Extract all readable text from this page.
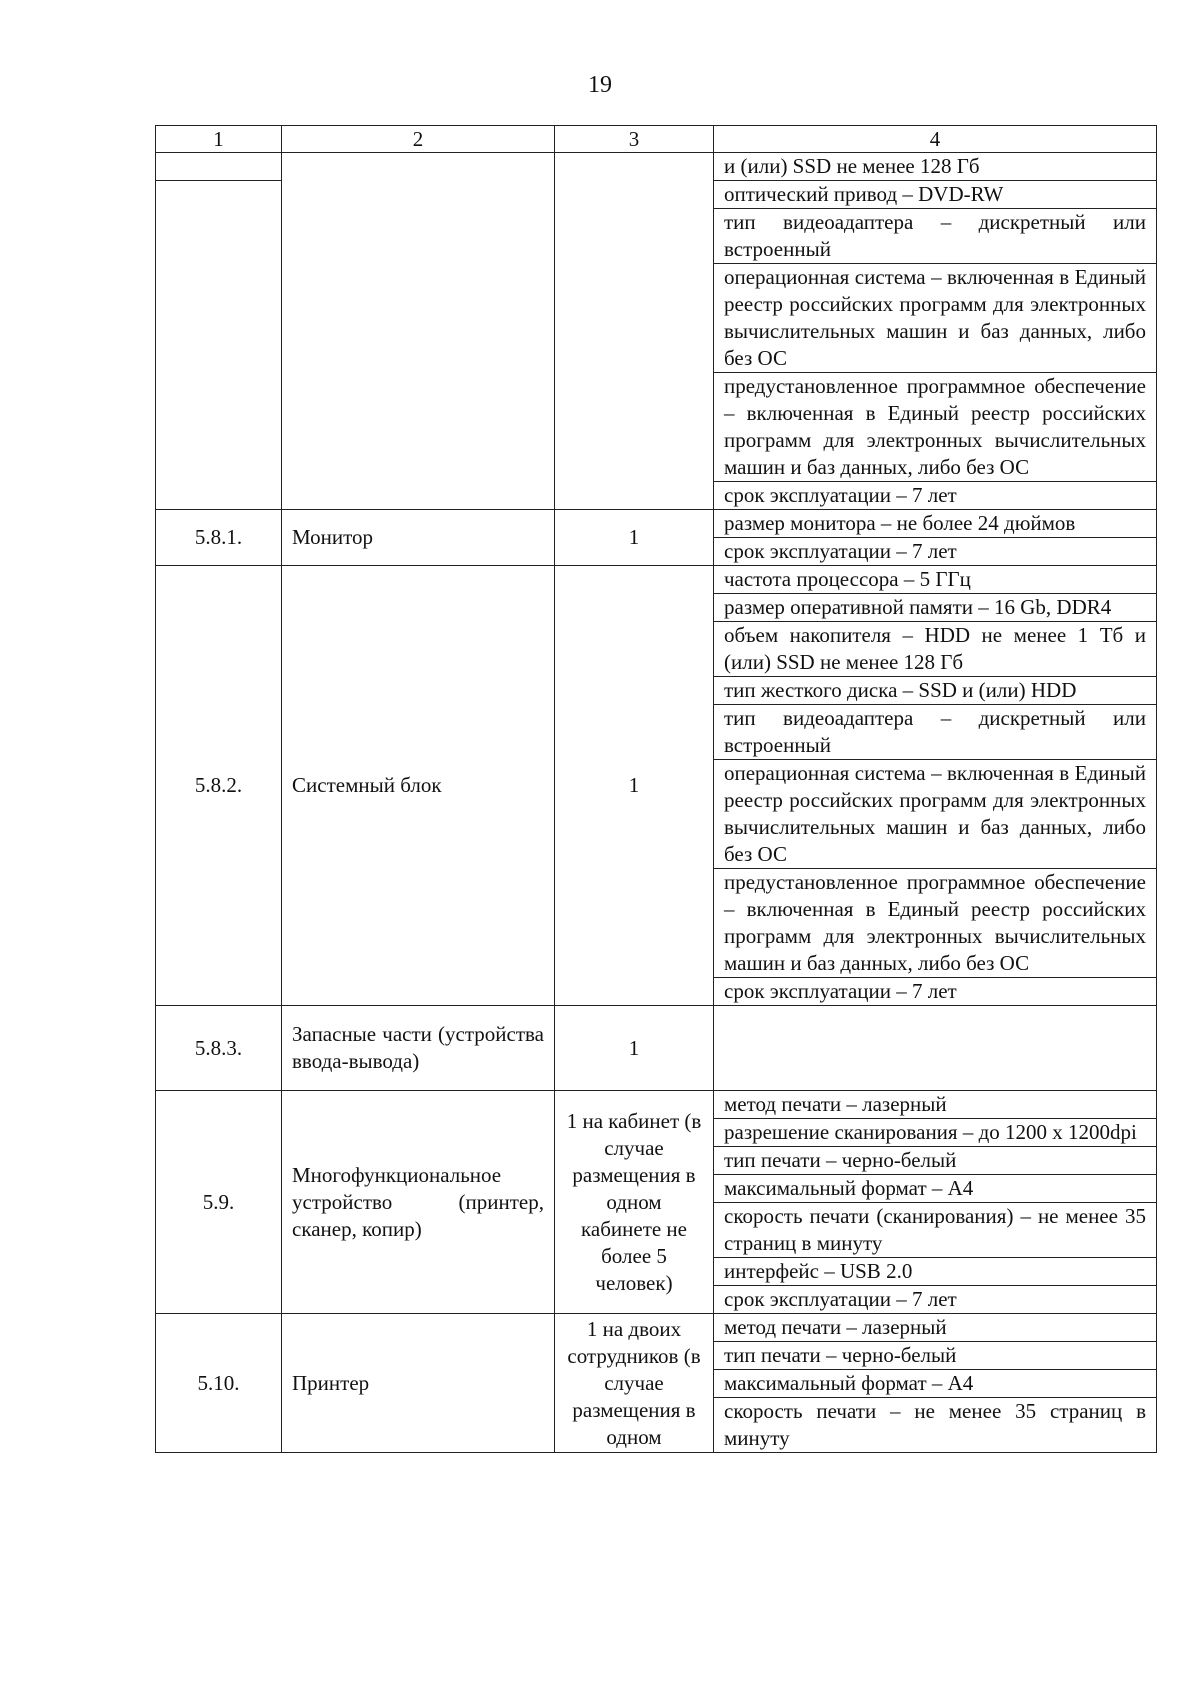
19
1	2	3	4
			и (или) SSD не менее 128 Гб
			оптический привод – DVD-RW
			тип видеоадаптера – дискретный или встроенный
			операционная система – включенная в Единый реестр российских программ для электронных вычислительных машин и баз данных, либо без ОС
			предустановленное программное обеспечение – включенная в Единый реестр российских программ для электронных вычислительных машин и баз данных, либо без ОС
			срок эксплуатации – 7 лет
5.8.1.	Монитор	1	размер монитора – не более 24 дюймов
			срок эксплуатации – 7 лет
5.8.2.	Системный блок	1	частота процессора – 5 ГГц
			размер оперативной памяти – 16 Gb, DDR4
			объем накопителя – HDD не менее 1 Тб и (или) SSD не менее 128 Гб
			тип жесткого диска – SSD и (или) HDD
			тип видеоадаптера – дискретный или встроенный
			операционная система – включенная в Единый реестр российских программ для электронных вычислительных машин и баз данных, либо без ОС
			предустановленное программное обеспечение – включенная в Единый реестр российских программ для электронных вычислительных машин и баз данных, либо без ОС
			срок эксплуатации – 7 лет
5.8.3.	Запасные части (устройства ввода-вывода)	1	
5.9.	Многофункциональное устройство (принтер, сканер, копир)	1 на кабинет (в случае размещения в одном кабинете не более 5 человек)	метод печати – лазерный
			разрешение сканирования – до 1200 x 1200dpi
			тип печати – черно-белый
			максимальный формат – А4
			скорость печати (сканирования) – не менее 35 страниц в минуту
			интерфейс – USB 2.0
			срок эксплуатации – 7 лет
5.10.	Принтер	1 на двоих сотрудников (в случае размещения в одном	метод печати – лазерный
			тип печати – черно-белый
			максимальный формат – А4
			скорость печати – не менее 35 страниц в минуту
